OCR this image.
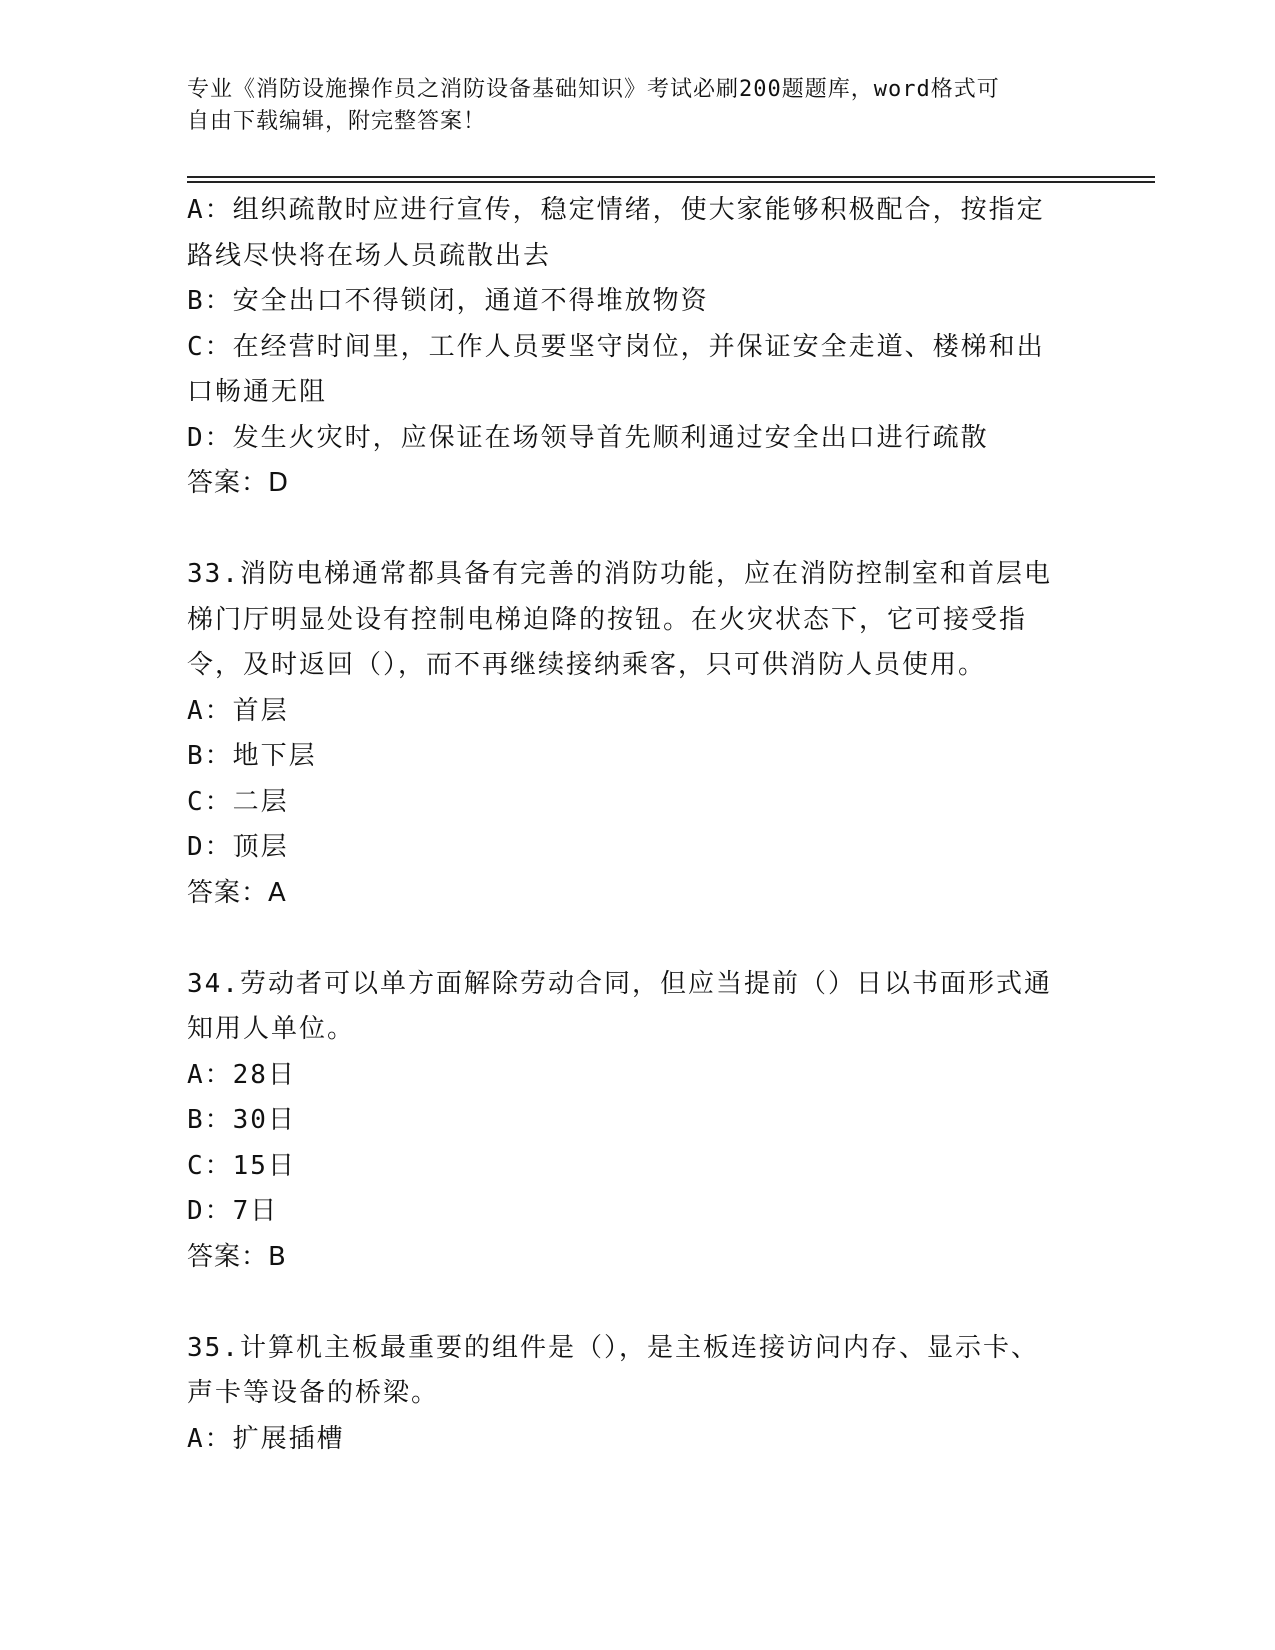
专业《消防设施操作员之消防设备基础知识》考试必刷200题题库，word格式可
自由下载编辑，附完整答案！
A：组织疏散时应进行宣传，稳定情绪，使大家能够积极配合，按指定
路线尽快将在场人员疏散出去
B：安全出口不得锁闭，通道不得堆放物资
C：在经营时间里，工作人员要坚守岗位，并保证安全走道、楼梯和出
口畅通无阻
D：发生火灾时，应保证在场领导首先顺利通过安全出口进行疏散
答案：D
33.消防电梯通常都具备有完善的消防功能，应在消防控制室和首层电
梯门厅明显处设有控制电梯迫降的按钮。在火灾状态下，它可接受指
令，及时返回（），而不再继续接纳乘客，只可供消防人员使用。
A：首层
B：地下层
C：二层
D：顶层
答案：A
34.劳动者可以单方面解除劳动合同，但应当提前（）日以书面形式通
知用人单位。
A：28日
B：30日
C：15日
D：7日
答案：B
35.计算机主板最重要的组件是（），是主板连接访问内存、显示卡、
声卡等设备的桥梁。
A：扩展插槽
